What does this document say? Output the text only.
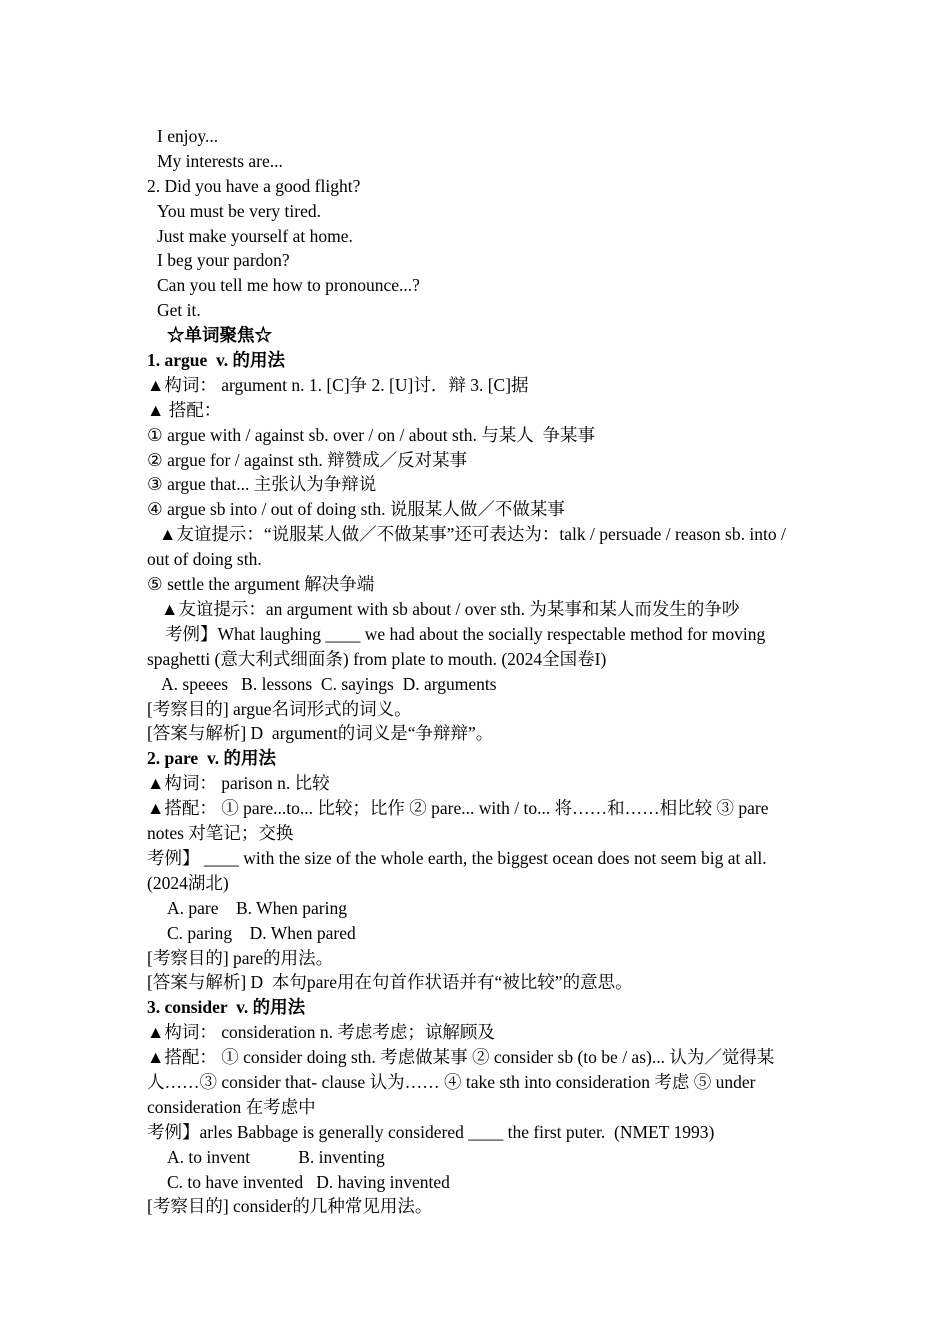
I enjoy...
My interests are...
2. Did you have a good flight?
You must be very tired.
Just make yourself at home.
I beg your pardon?
Can you tell me how to pronounce...?
Get it.
☆单词聚焦☆
1. argue  v. 的用法
▲构词： argument n. 1. [C]争 2. [U]讨．辩 3. [C]据
▲ 搭配：
① argue with / against sb. over / on / about sth. 与某人  争某事
② argue for / against sth. 辩赞成／反对某事
③ argue that... 主张认为争辩说
④ argue sb into / out of doing sth. 说服某人做／不做某事
▲友谊提示：“说服某人做／不做某事”还可表达为：talk / persuade / reason sb. into / out of doing sth.
⑤ settle the argument 解决争端
▲友谊提示：an argument with sb about / over sth. 为某事和某人而发生的争吵
考例】What laughing ____ we had about the socially respectable method for moving spaghetti (意大利式细面条) from plate to mouth. (2024全国卷I)
A. speees   B. lessons  C. sayings  D. arguments
[考察目的] argue名词形式的词义。
[答案与解析] D  argument的词义是“争辩辩”。
2. pare  v. 的用法
▲构词： parison n. 比较
▲搭配： ① pare...to... 比较；比作 ② pare... with / to... 将……和……相比较 ③ pare notes 对笔记；交换
考例】 ____ with the size of the whole earth, the biggest ocean does not seem big at all. (2024湖北)
A. pare    B. When paring
C. paring    D. When pared
[考察目的] pare的用法。
[答案与解析] D  本句pare用在句首作状语并有“被比较”的意思。
3. consider  v. 的用法
▲构词： consideration n. 考虑考虑；谅解顾及
▲搭配： ① consider doing sth. 考虑做某事 ② consider sb (to be / as)... 认为／觉得某人……③ consider that- clause 认为…… ④ take sth into consideration 考虑 ⑤ under consideration 在考虑中
考例】arles Babbage is generally considered ____ the first puter.  (NMET 1993)
A. to invent           B. inventing
C. to have invented   D. having invented
[考察目的] consider的几种常见用法。
